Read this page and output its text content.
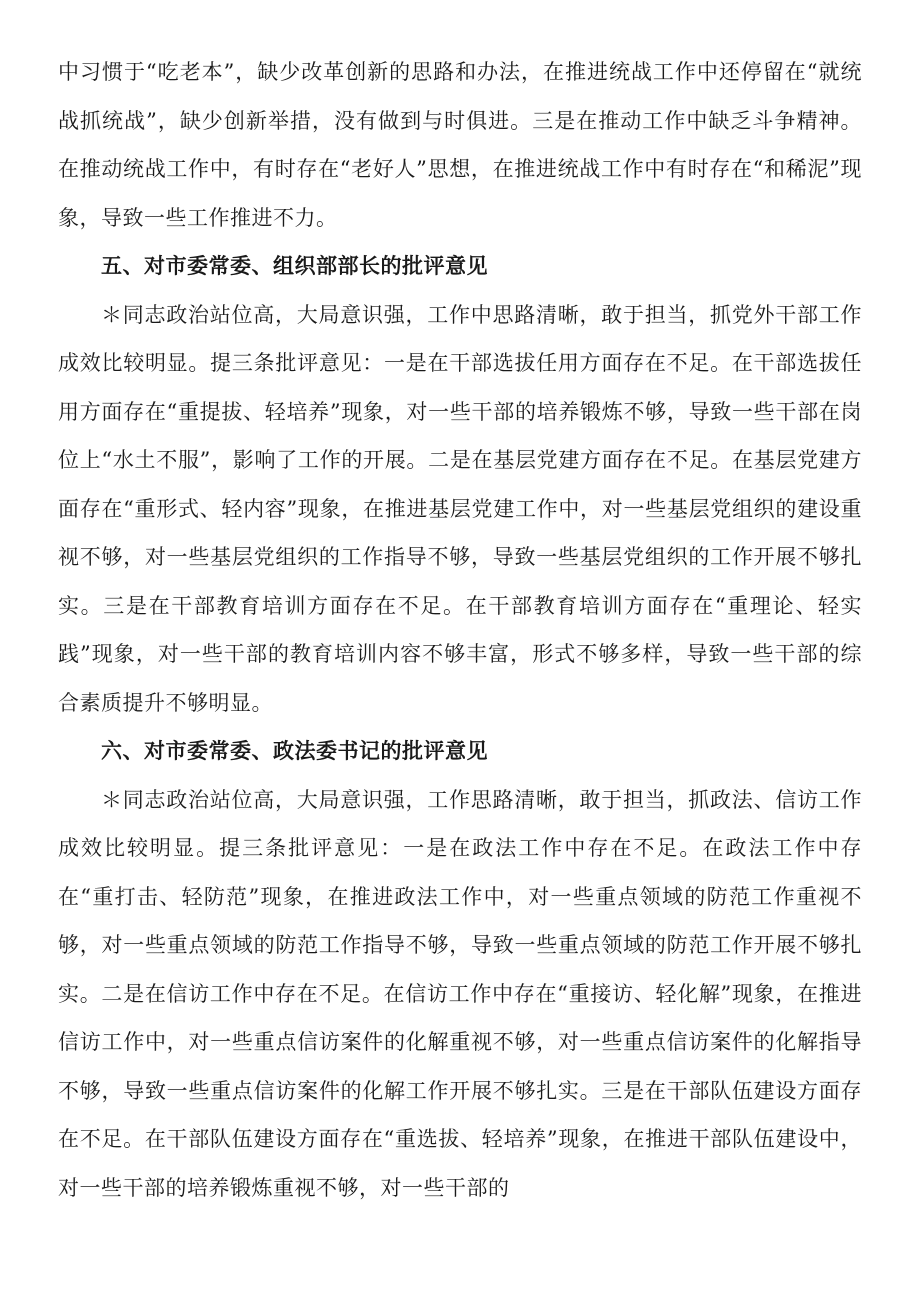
中习惯于“吃老本”，缺少改革创新的思路和办法，在推进统战工作中还停留在“就统战抓统战”，缺少创新举措，没有做到与时俱进。三是在推动工作中缺乏斗争精神。在推动统战工作中，有时存在“老好人”思想，在推进统战工作中有时存在“和稀泥”现象，导致一些工作推进不力。

五、对市委常委、组织部部长的批评意见

＊同志政治站位高，大局意识强，工作中思路清晰，敢于担当，抓党外干部工作成效比较明显。提三条批评意见：一是在干部选拔任用方面存在不足。在干部选拔任用方面存在“重提拔、轻培养”现象，对一些干部的培养锻炼不够，导致一些干部在岗位上“水土不服”，影响了工作的开展。二是在基层党建方面存在不足。在基层党建方面存在“重形式、轻内容”现象，在推进基层党建工作中，对一些基层党组织的建设重视不够，对一些基层党组织的工作指导不够，导致一些基层党组织的工作开展不够扎实。三是在干部教育培训方面存在不足。在干部教育培训方面存在“重理论、轻实践”现象，对一些干部的教育培训内容不够丰富，形式不够多样，导致一些干部的综合素质提升不够明显。

六、对市委常委、政法委书记的批评意见

＊同志政治站位高，大局意识强，工作思路清晰，敢于担当，抓政法、信访工作成效比较明显。提三条批评意见：一是在政法工作中存在不足。在政法工作中存在“重打击、轻防范”现象，在推进政法工作中，对一些重点领域的防范工作重视不够，对一些重点领域的防范工作指导不够，导致一些重点领域的防范工作开展不够扎实。二是在信访工作中存在不足。在信访工作中存在“重接访、轻化解”现象，在推进信访工作中，对一些重点信访案件的化解重视不够，对一些重点信访案件的化解指导不够，导致一些重点信访案件的化解工作开展不够扎实。三是在干部队伍建设方面存在不足。在干部队伍建设方面存在“重选拔、轻培养”现象，在推进干部队伍建设中，对一些干部的培养锻炼重视不够，对一些干部的
